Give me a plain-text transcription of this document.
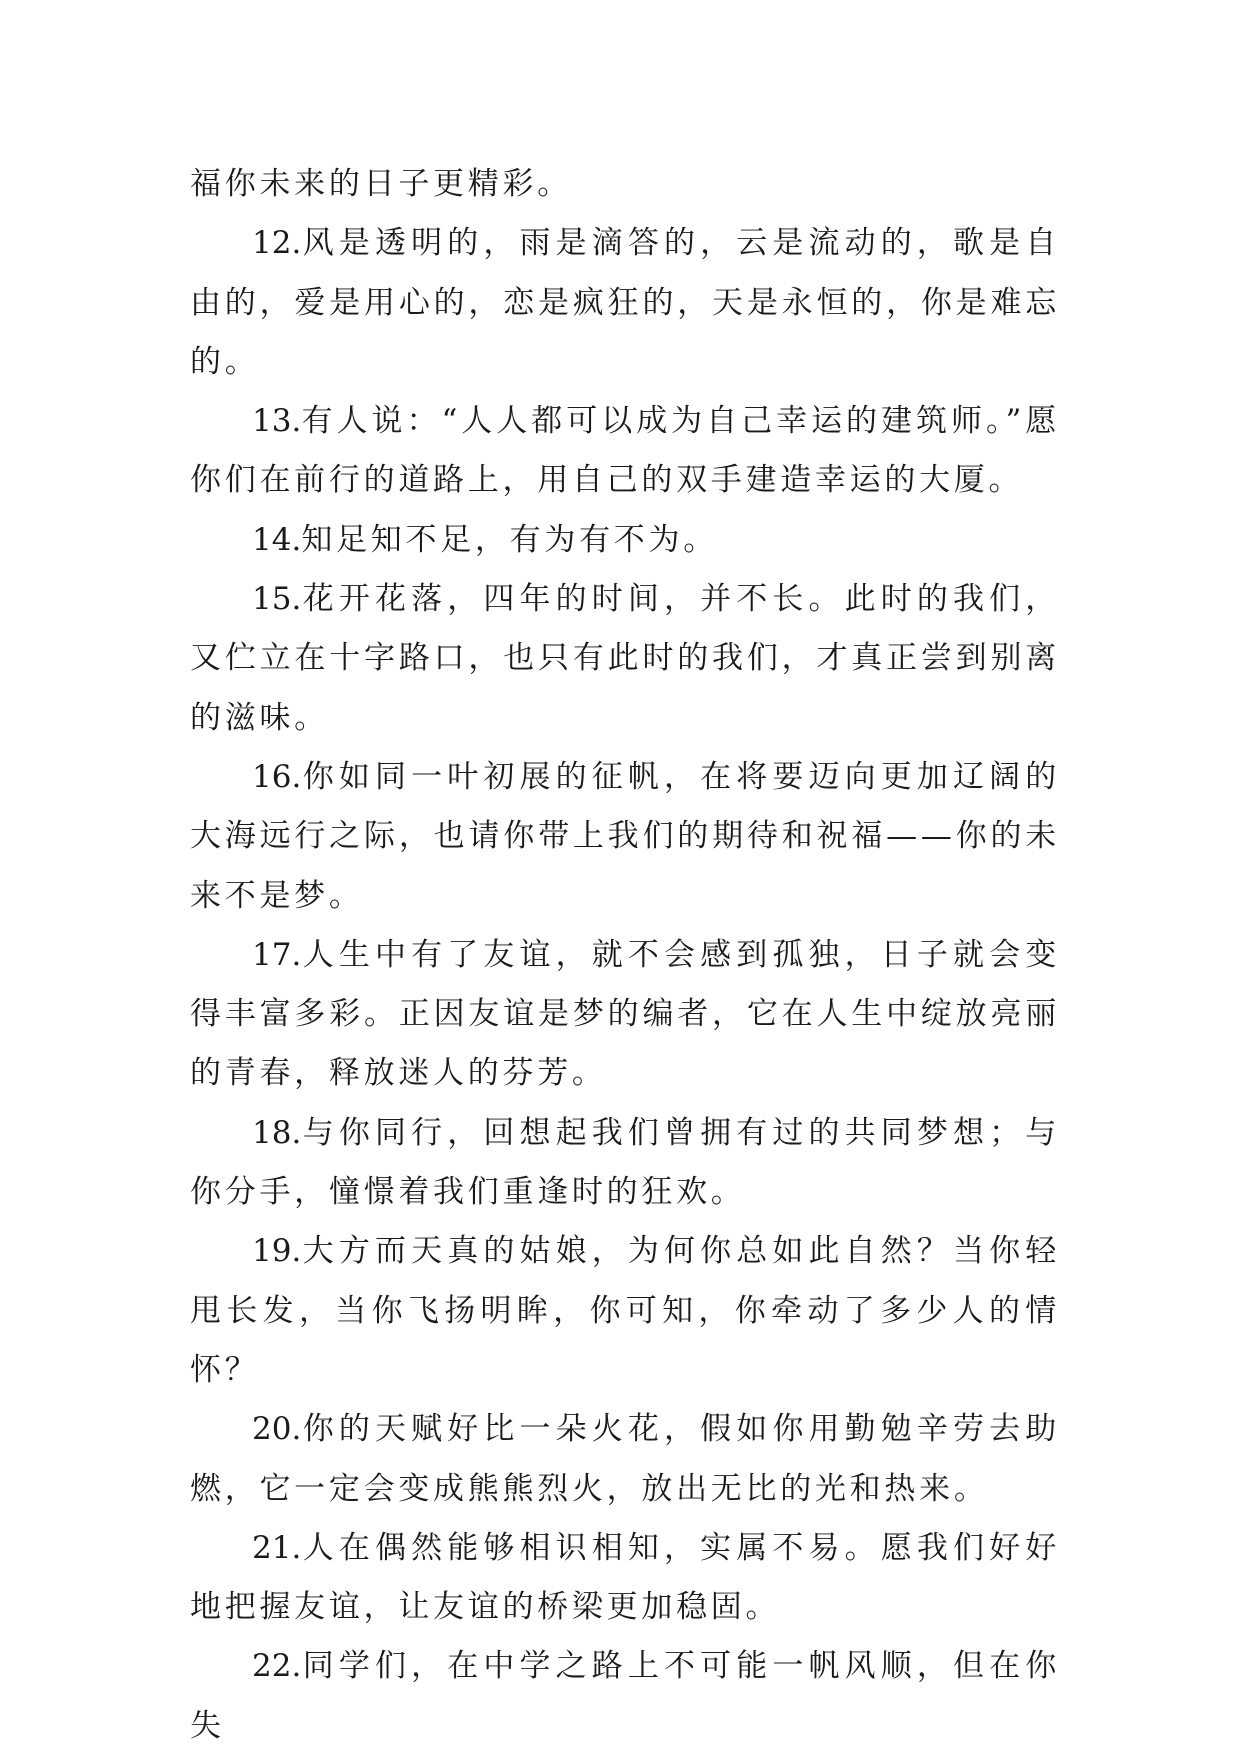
福你未来的日子更精彩。

12.风是透明的，雨是滴答的，云是流动的，歌是自由的，爱是用心的，恋是疯狂的，天是永恒的，你是难忘的。

13.有人说：“人人都可以成为自己幸运的建筑师。”愿你们在前行的道路上，用自己的双手建造幸运的大厦。

14.知足知不足，有为有不为。

15.花开花落，四年的时间，并不长。此时的我们，又伫立在十字路口，也只有此时的我们，才真正尝到别离的滋味。

16.你如同一叶初展的征帆，在将要迈向更加辽阔的大海远行之际，也请你带上我们的期待和祝福——你的未来不是梦。

17.人生中有了友谊，就不会感到孤独，日子就会变得丰富多彩。正因友谊是梦的编者，它在人生中绽放亮丽的青春，释放迷人的芬芳。

18.与你同行，回想起我们曾拥有过的共同梦想；与你分手，憧憬着我们重逢时的狂欢。

19.大方而天真的姑娘，为何你总如此自然？当你轻甩长发，当你飞扬明眸，你可知，你牵动了多少人的情怀？

20.你的天赋好比一朵火花，假如你用勤勉辛劳去助燃，它一定会变成熊熊烈火，放出无比的光和热来。

21.人在偶然能够相识相知，实属不易。愿我们好好地把握友谊，让友谊的桥梁更加稳固。

22.同学们，在中学之路上不可能一帆风顺，但在你失
